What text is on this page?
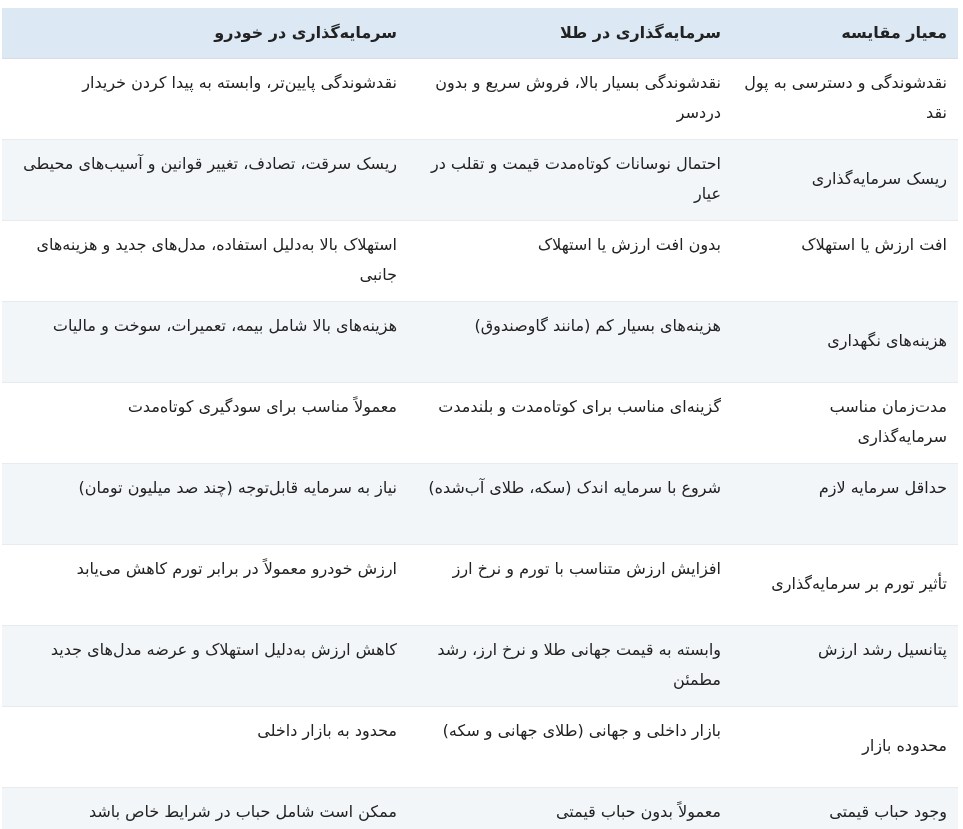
معیار مقایسه	سرمایه‌گذاری در طلا	سرمایه‌گذاری در خودرو
نقدشوندگی و دسترسی به پول نقد	نقدشوندگی بسیار بالا، فروش سریع و بدون دردسر	نقدشوندگی پایین‌تر، وابسته به پیدا کردن خریدار
ریسک سرمایه‌گذاری	احتمال نوسانات کوتاه‌مدت قیمت و تقلب در عیار	ریسک سرقت، تصادف، تغییر قوانین و آسیب‌های محیطی
افت ارزش یا استهلاک	بدون افت ارزش یا استهلاک	استهلاک بالا به‌دلیل استفاده، مدل‌های جدید و هزینه‌های جانبی
هزینه‌های نگهداری	هزینه‌های بسیار کم (مانند گاوصندوق)	هزینه‌های بالا شامل بیمه، تعمیرات، سوخت و مالیات
مدت‌زمان مناسب سرمایه‌گذاری	گزینه‌ای مناسب برای کوتاه‌مدت و بلندمدت	معمولاً مناسب برای سودگیری کوتاه‌مدت
حداقل سرمایه لازم	شروع با سرمایه اندک (سکه، طلای آب‌شده)	نیاز به سرمایه قابل‌توجه (چند صد میلیون تومان)
تأثیر تورم بر سرمایه‌گذاری	افزایش ارزش متناسب با تورم و نرخ ارز	ارزش خودرو معمولاً در برابر تورم کاهش می‌یابد
پتانسیل رشد ارزش	وابسته به قیمت جهانی طلا و نرخ ارز، رشد مطمئن	کاهش ارزش به‌دلیل استهلاک و عرضه مدل‌های جدید
محدوده بازار	بازار داخلی و جهانی (طلای جهانی و سکه)	محدود به بازار داخلی
وجود حباب قیمتی	معمولاً بدون حباب قیمتی	ممکن است شامل حباب در شرایط خاص باشد
